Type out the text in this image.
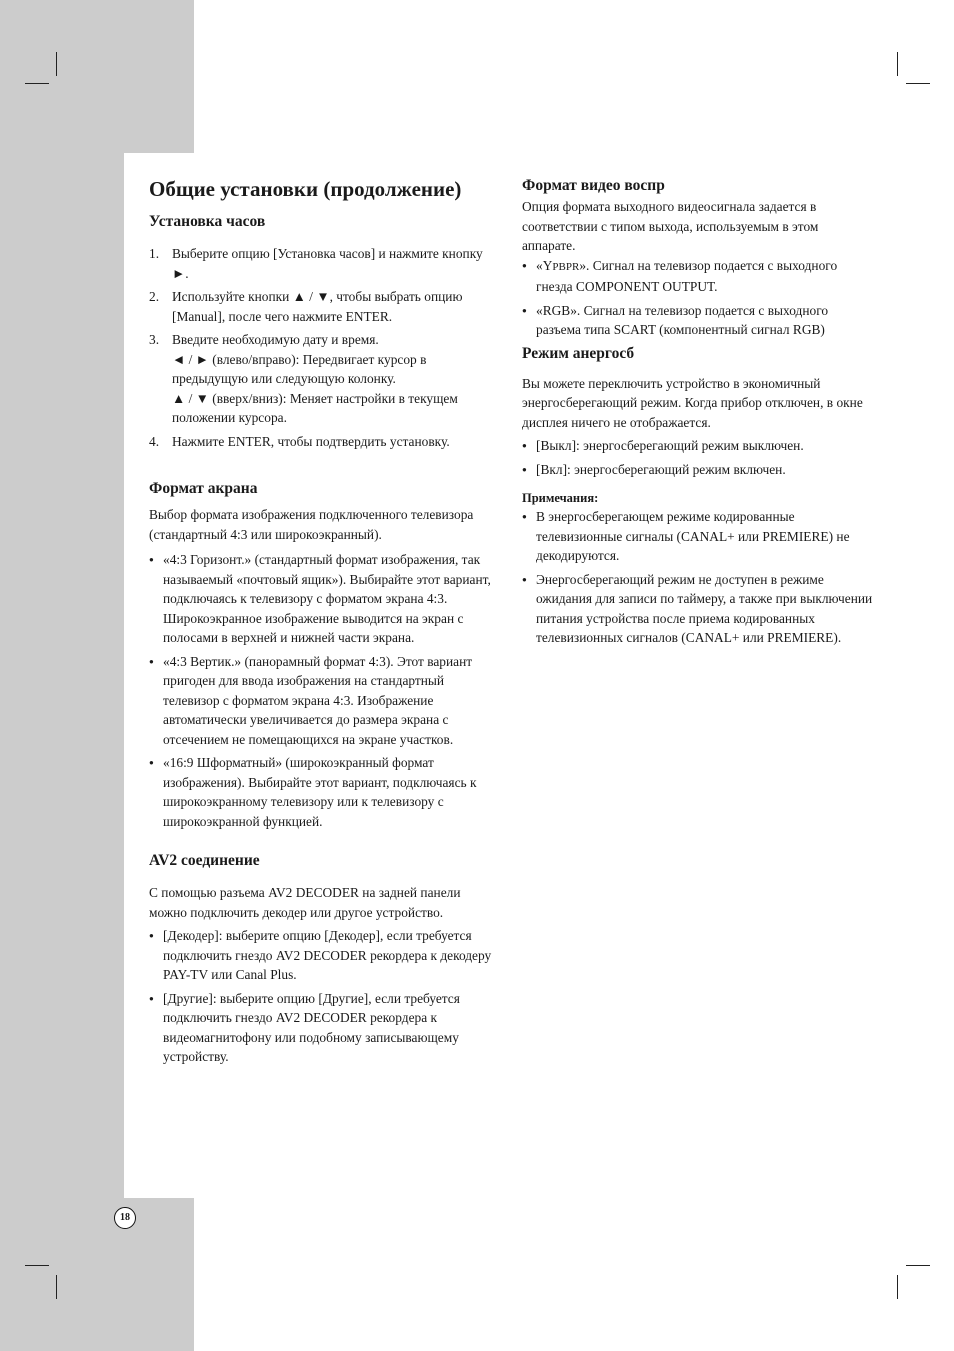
Общие установки (продолжение)
Установка часов
1. Выберите опцию [Установка часов] и нажмите кнопку ►.
2. Используйте кнопки ▲ / ▼, чтобы выбрать опцию [Manual], после чего нажмите ENTER.
3. Введите необходимую дату и время.
◄ / ► (влево/вправо): Передвигает курсор в предыдущую или следующую колонку.
▲ / ▼ (вверх/вниз): Меняет настройки в текущем положении курсора.
4. Нажмите ENTER, чтобы подтвердить установку.
Формат акрана

Выбор формата изображения подключенного телевизора (стандартный 4:3 или широкоэкранный).

● «4:3 Горизонт.» (стандартный формат изображения, так называемый «почтовый ящик»). Выбирайте этот вариант, подключаясь к телевизору с форматом экрана 4:3. Широкоэкранное изображение выводится на экран с полосами в верхней и нижней части экрана.
● «4:3 Вертик.» (панорамный формат 4:3). Этот вариант пригоден для ввода изображения на стандартный телевизор с форматом экрана 4:3. Изображение автоматически увеличивается до размера экрана с отсечением не помещающихся на экране участков.
● «16:9 Шформатный» (широкоэкранный формат изображения). Выбирайте этот вариант, подключаясь к широкоэкранному телевизору или к телевизору с широкоэкранной функцией.
AV2 соединение

С помощью разъема AV2 DECODER на задней панели можно подключить декодер или другое устройство.

● [Декодер]: выберите опцию [Декодер], если требуется подключить гнездо AV2 DECODER рекордера к декодеру PAY-TV или Canal Plus.
● [Другие]: выберите опцию [Другие], если требуется подключить гнездо AV2 DECODER рекордера к видеомагнитофону или подобному записывающему устройству.
Формат видео воспр

Опция формата выходного видеосигнала задается в соответствии с типом выхода, используемым в этом аппарате.

● «YPBPR». Сигнал на телевизор подается с выходного гнезда COMPONENT OUTPUT.
● «RGB». Сигнал на телевизор подается с выходного разъема типа SCART (компонентный сигнал RGB)
Режим анергосб

Вы можете переключить устройство в экономичный энергосберегающий режим. Когда прибор отключен, в окне дисплея ничего не отображается.

● [Выкл]: энергосберегающий режим выключен.
● [Вкл]: энергосберегающий режим включен.
Примечания:
● В энергосберегающем режиме кодированные телевизионные сигналы (CANAL+ или PREMIERE) не декодируются.
● Энергосберегающий режим не доступен в режиме ожидания для записи по таймеру, а также при выключении питания устройства после приема кодированных телевизионных сигналов (CANAL+ или PREMIERE).
18
